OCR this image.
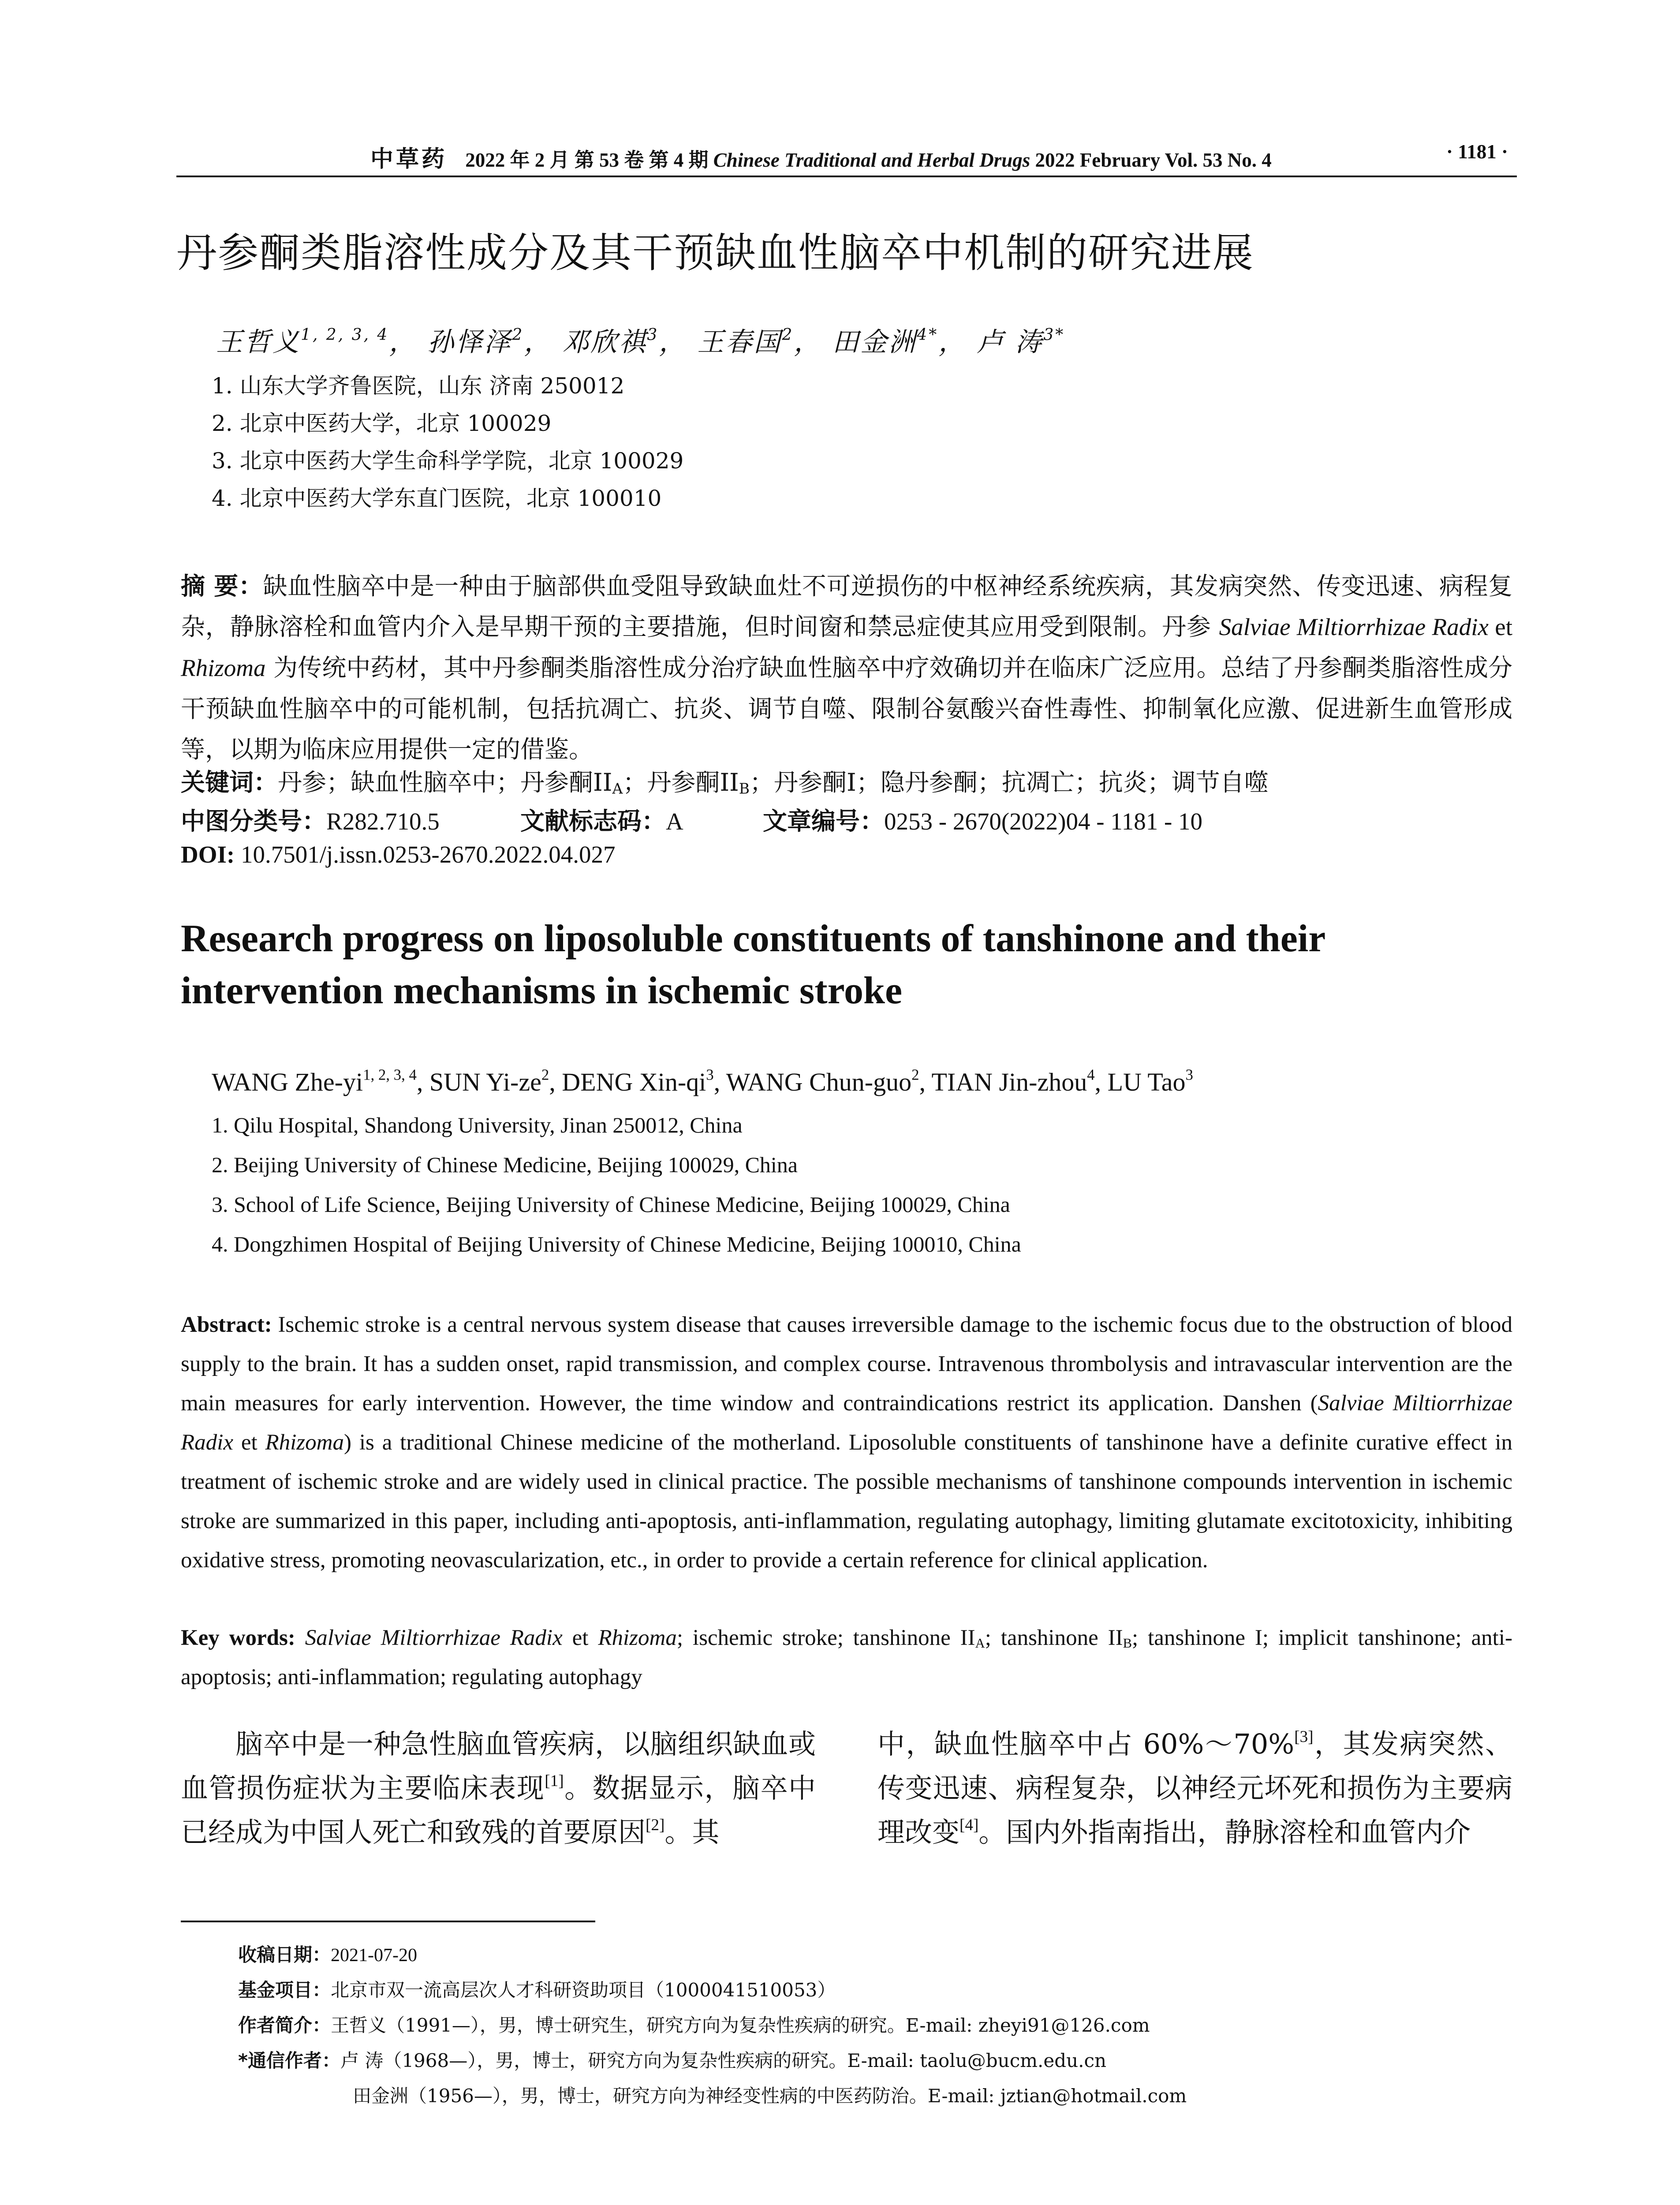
中草药 2022 年 2 月 第 53 卷 第 4 期 Chinese Traditional and Herbal Drugs 2022 February Vol. 53 No. 4	· 1181 ·
丹参酮类脂溶性成分及其干预缺血性脑卒中机制的研究进展
王哲义$^{1, 2, 3, 4}$， 孙怿泽$^2$， 邓欣祺$^3$， 王春国$^2$， 田金洲$^{4*}$， 卢 涛$^{3*}$
1. 山东大学齐鲁医院，山东 济南 250012
2. 北京中医药大学，北京 100029
3. 北京中医药大学生命科学学院，北京 100029
4. 北京中医药大学东直门医院，北京 100010
摘 要：缺血性脑卒中是一种由于脑部供血受阻导致缺血灶不可逆损伤的中枢神经系统疾病，其发病突然、传变迅速、病程复杂，静脉溶栓和血管内介入是早期干预的主要措施，但时间窗和禁忌症使其应用受到限制。丹参 Salviae Miltiorrhizae Radix et Rhizoma 为传统中药材，其中丹参酮类脂溶性成分治疗缺血性脑卒中疗效确切并在临床广泛应用。总结了丹参酮类脂溶性成分干预缺血性脑卒中的可能机制，包括抗凋亡、抗炎、调节自噬、限制谷氨酸兴奋性毒性、抑制氧化应激、促进新生血管形成等，以期为临床应用提供一定的借鉴。
关键词：丹参；缺血性脑卒中；丹参酮$II_A$；丹参酮$II_B$；丹参酮I；隐丹参酮；抗凋亡；抗炎；调节自噬
中图分类号：R282.710.5	文献标志码：A	文章编号：0253 - 2670(2022)04 - 1181 - 10
DOI: 10.7501/j.issn.0253-2670.2022.04.027
Research progress on liposoluble constituents of tanshinone and their intervention mechanisms in ischemic stroke
WANG Zhe-yi$^{1, 2, 3, 4}$, SUN $Yi-ze^2$, DENG Xin-$qi^3$, WANG Chun-guo$^2$, TIAN Jin-zhou$^4$, LU Tao$^3$
1. Qilu Hospital, Shandong University, Jinan 250012, China
2. Beijing University of Chinese Medicine, Beijing 100029, China
3. School of Life Science, Beijing University of Chinese Medicine, Beijing 100029, China
4. Dongzhimen Hospital of Beijing University of Chinese Medicine, Beijing 100010, China
Abstract: Ischemic stroke is a central nervous system disease that causes irreversible damage to the ischemic focus due to the obstruction of blood supply to the brain. It has a sudden onset, rapid transmission, and complex course. Intravenous thrombolysis and intravascular intervention are the main measures for early intervention. However, the time window and contraindications restrict its application. Danshen (Salviae Miltiorrhizae Radix et Rhizoma) is a traditional Chinese medicine of the motherland. Liposoluble constituents of tanshinone have a definite curative effect in treatment of ischemic stroke and are widely used in clinical practice. The possible mechanisms of tanshinone compounds intervention in ischemic stroke are summarized in this paper, including anti-apoptosis, anti-inflammation, regulating autophagy, limiting glutamate excitotoxicity, inhibiting oxidative stress, promoting neovascularization, etc., in order to provide a certain reference for clinical application.
Key words: Salviae Miltiorrhizae Radix et Rhizoma; ischemic stroke; tanshinone $II_A$; tanshinone $II_B$; tanshinone I; implicit tanshinone; anti-apoptosis; anti-inflammation; regulating autophagy
脑卒中是一种急性脑血管疾病，以脑组织缺血或血管损伤症状为主要临床表现[1]。数据显示，脑卒中已经成为中国人死亡和致残的首要原因[2]。其
中，缺血性脑卒中占 60%～70%[3]，其发病突然、传变迅速、病程复杂，以神经元坏死和损伤为主要病理改变[4]。国内外指南指出，静脉溶栓和血管内介
收稿日期：2021-07-20
基金项目：北京市双一流高层次人才科研资助项目（1000041510053）
作者简介：王哲义（1991—），男，博士研究生，研究方向为复杂性疾病的研究。E-mail: zheyi91@126.com
*通信作者：卢 涛（1968—），男，博士，研究方向为复杂性疾病的研究。E-mail: taolu@bucm.edu.cn
田金洲（1956—），男，博士，研究方向为神经变性病的中医药防治。E-mail: jztian@hotmail.com
